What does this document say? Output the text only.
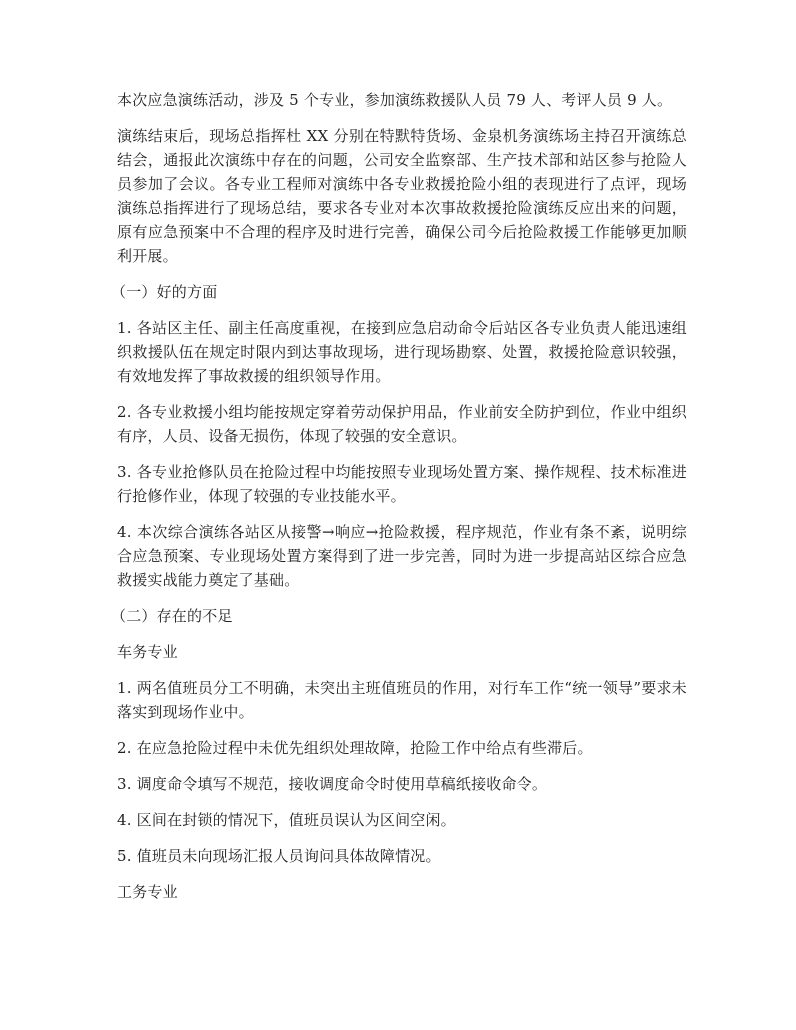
本次应急演练活动，涉及 5 个专业，参加演练救援队人员 79 人、考评人员 9 人。

演练结束后，现场总指挥杜 XX 分别在特默特货场、金泉机务演练场主持召开演练总结会，通报此次演练中存在的问题，公司安全监察部、生产技术部和站区参与抢险人员参加了会议。各专业工程师对演练中各专业救援抢险小组的表现进行了点评，现场演练总指挥进行了现场总结，要求各专业对本次事故救援抢险演练反应出来的问题，原有应急预案中不合理的程序及时进行完善，确保公司今后抢险救援工作能够更加顺利开展。

（一）好的方面

1. 各站区主任、副主任高度重视，在接到应急启动命令后站区各专业负责人能迅速组织救援队伍在规定时限内到达事故现场，进行现场勘察、处置，救援抢险意识较强，有效地发挥了事故救援的组织领导作用。

2. 各专业救援小组均能按规定穿着劳动保护用品，作业前安全防护到位，作业中组织有序，人员、设备无损伤，体现了较强的安全意识。

3. 各专业抢修队员在抢险过程中均能按照专业现场处置方案、操作规程、技术标准进行抢修作业，体现了较强的专业技能水平。

4. 本次综合演练各站区从接警→响应→抢险救援，程序规范，作业有条不紊，说明综合应急预案、专业现场处置方案得到了进一步完善，同时为进一步提高站区综合应急救援实战能力奠定了基础。

（二）存在的不足

车务专业

1. 两名值班员分工不明确，未突出主班值班员的作用，对行车工作“统一领导”要求未落实到现场作业中。

2. 在应急抢险过程中未优先组织处理故障，抢险工作中给点有些滞后。

3. 调度命令填写不规范，接收调度命令时使用草稿纸接收命令。

4. 区间在封锁的情况下，值班员误认为区间空闲。

5. 值班员未向现场汇报人员询问具体故障情况。

工务专业
